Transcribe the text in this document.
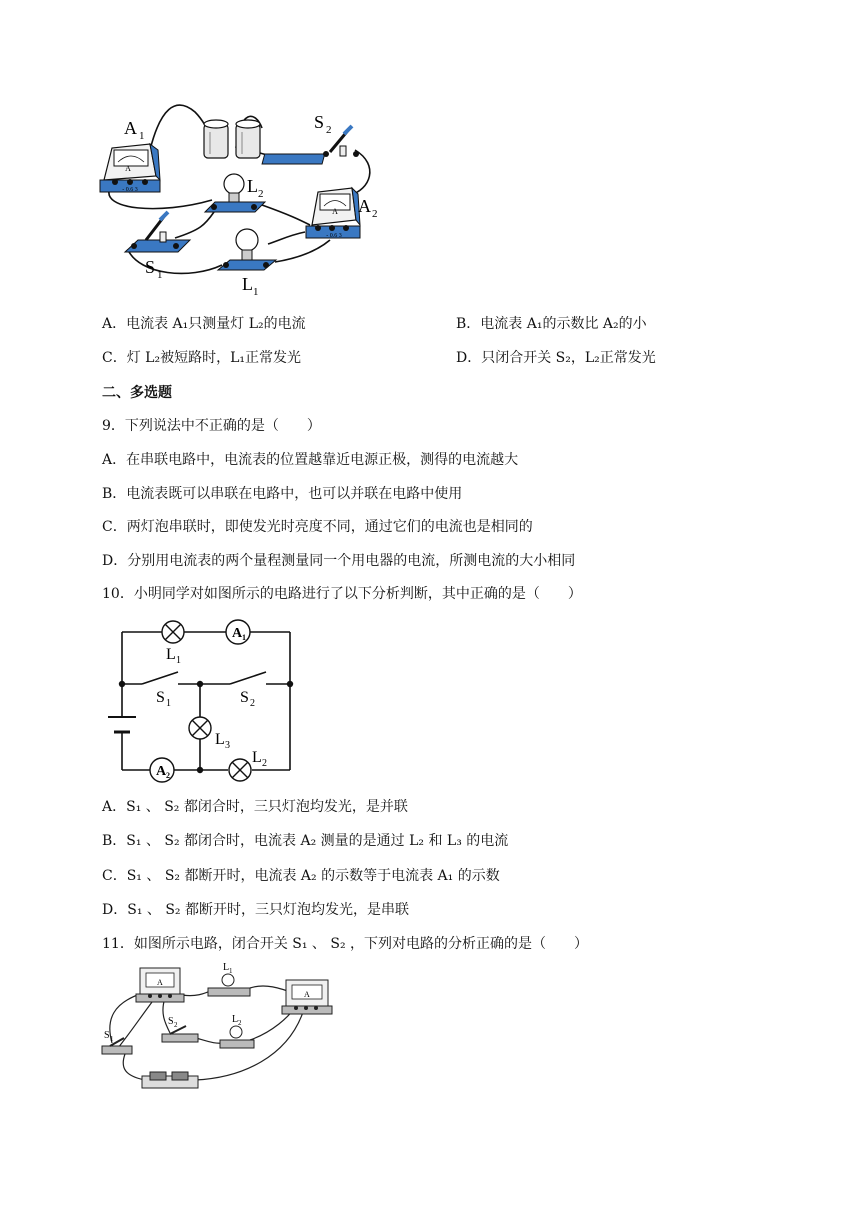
A
- 0.6 3
A
- 0.6 3
A 1
A 2
S 2
S 1
L 2
L 1
A．电流表 A₁只测量灯 L₂的电流	B．电流表 A₁的示数比 A₂的小
C．灯 L₂被短路时，L₁正常发光	D．只闭合开关 S₂，L₂正常发光
二、多选题
9．下列说法中不正确的是（　　）
A．在串联电路中，电流表的位置越靠近电源正极，测得的电流越大
B．电流表既可以串联在电路中，也可以并联在电路中使用
C．两灯泡串联时，即使发光时亮度不同，通过它们的电流也是相同的
D．分别用电流表的两个量程测量同一个用电器的电流，所测电流的大小相同
10．小明同学对如图所示的电路进行了以下分析判断，其中正确的是（　　）
A 1
A 2
L 1
S 1	S 2
L 3
L 2
A．S₁ 、 S₂ 都闭合时，三只灯泡均发光，是并联
B．S₁ 、 S₂ 都闭合时，电流表 A₂ 测量的是通过 L₂ 和 L₃ 的电流
C．S₁ 、 S₂ 都断开时，电流表 A₂ 的示数等于电流表 A₁ 的示数
D．S₁ 、 S₂ 都断开时，三只灯泡均发光，是串联
11．如图所示电路，闭合开关 S₁ 、 S₂ ，下列对电路的分析正确的是（　　）
A
A
L 1
S 1
S 2	L 2
